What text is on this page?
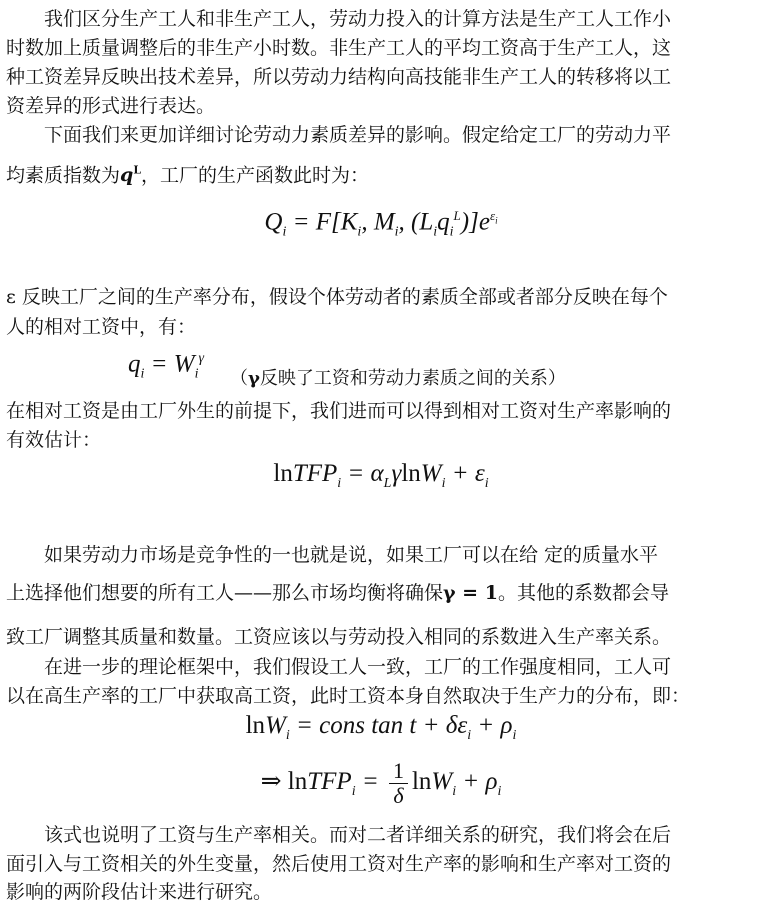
我们区分生产工人和非生产工人，劳动力投入的计算方法是生产工人工作小
时数加上质量调整后的非生产小时数。非生产工人的平均工资高于生产工人，这
种工资差异反映出技术差异，所以劳动力结构向高技能非生产工人的转移将以工
资差异的形式进行表达。
下面我们来更加详细讨论劳动力素质差异的影响。假定给定工厂的劳动力平
均素质指数为$q^L$，工厂的生产函数此时为：
$Q_i = F[K_i$, $M_i$, $(L_iq_i^L)]e^{\varepsilon_i}$
ε 反映工厂之间的生产率分布，假设个体劳动者的素质全部或者部分反映在每个
人的相对工资中，有：
$q_i = W_i^\gamma$
（γ反映了工资和劳动力素质之间的关系）
在相对工资是由工厂外生的前提下，我们进而可以得到相对工资对生产率影响的
有效估计：
lnTFP$_i$ = $\alpha_L\gamma\ln W_i + \varepsilon_i$
如果劳动力市场是竞争性的一也就是说，如果工厂可以在给 定的质量水平
上选择他们想要的所有工人——那么市场均衡将确保γ = 1。其他的系数都会导
致工厂调整其质量和数量。工资应该以与劳动投入相同的系数进入生产率关系。
在进一步的理论框架中，我们假设工人一致，工厂的工作强度相同，工人可
以在高生产率的工厂中获取高工资，此时工资本身自然取决于生产力的分布，即：
lnW$_i$ = cons $\tan t + \delta\varepsilon_i + \rho_i$
⇒ lnTFP$_i$ = $\frac{1}{\delta} \ln W_i + \rho_i$
该式也说明了工资与生产率相关。而对二者详细关系的研究，我们将会在后
面引入与工资相关的外生变量，然后使用工资对生产率的影响和生产率对工资的
影响的两阶段估计来进行研究。
